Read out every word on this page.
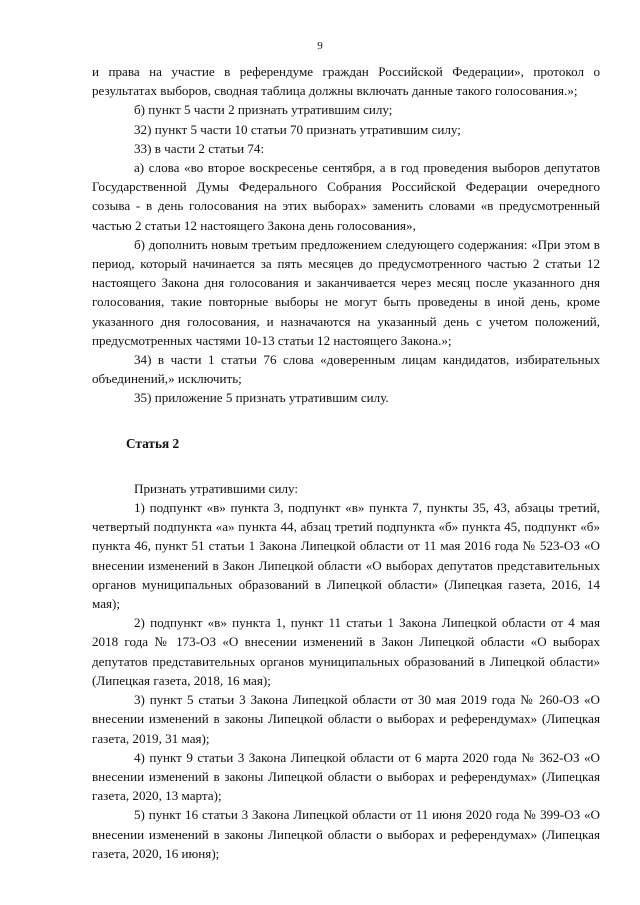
9

и права на участие в референдуме граждан Российской Федерации», протокол о результатах выборов, сводная таблица должны включать данные такого голосования.»;

б) пункт 5 части 2 признать утратившим силу;

32) пункт 5 части 10 статьи 70 признать утратившим силу;

33) в части 2 статьи 74:

а) слова «во второе воскресенье сентября, а в год проведения выборов депутатов Государственной Думы Федерального Собрания Российской Федерации очередного созыва - в день голосования на этих выборах» заменить словами «в предусмотренный частью 2 статьи 12 настоящего Закона день голосования»,

б) дополнить новым третьим предложением следующего содержания: «При этом в период, который начинается за пять месяцев до предусмотренного частью 2 статьи 12 настоящего Закона дня голосования и заканчивается через месяц после указанного дня голосования, такие повторные выборы не могут быть проведены в иной день, кроме указанного дня голосования, и назначаются на указанный день с учетом положений, предусмотренных частями 10-13 статьи 12 настоящего Закона.»;

34) в части 1 статьи 76 слова «доверенным лицам кандидатов, избирательных объединений,» исключить;

35) приложение 5 признать утратившим силу.

Статья 2

Признать утратившими силу:

1) подпункт «в» пункта 3, подпункт «в» пункта 7, пункты 35, 43, абзацы третий, четвертый подпункта «а» пункта 44, абзац третий подпункта «б» пункта 45, подпункт «б» пункта 46, пункт 51 статьи 1 Закона Липецкой области от 11 мая 2016 года № 523-ОЗ «О внесении изменений в Закон Липецкой области «О выборах депутатов представительных органов муниципальных образований в Липецкой области» (Липецкая газета, 2016, 14 мая);

2) подпункт «в» пункта 1, пункт 11 статьи 1 Закона Липецкой области от 4 мая 2018 года № 173-ОЗ «О внесении изменений в Закон Липецкой области «О выборах депутатов представительных органов муниципальных образований в Липецкой области» (Липецкая газета, 2018, 16 мая);

3) пункт 5 статьи 3 Закона Липецкой области от 30 мая 2019 года № 260-ОЗ «О внесении изменений в законы Липецкой области о выборах и референдумах» (Липецкая газета, 2019, 31 мая);

4) пункт 9 статьи 3 Закона Липецкой области от 6 марта 2020 года № 362-ОЗ «О внесении изменений в законы Липецкой области о выборах и референдумах» (Липецкая газета, 2020, 13 марта);

5) пункт 16 статьи 3 Закона Липецкой области от 11 июня 2020 года № 399-ОЗ «О внесении изменений в законы Липецкой области о выборах и референдумах» (Липецкая газета, 2020, 16 июня);
